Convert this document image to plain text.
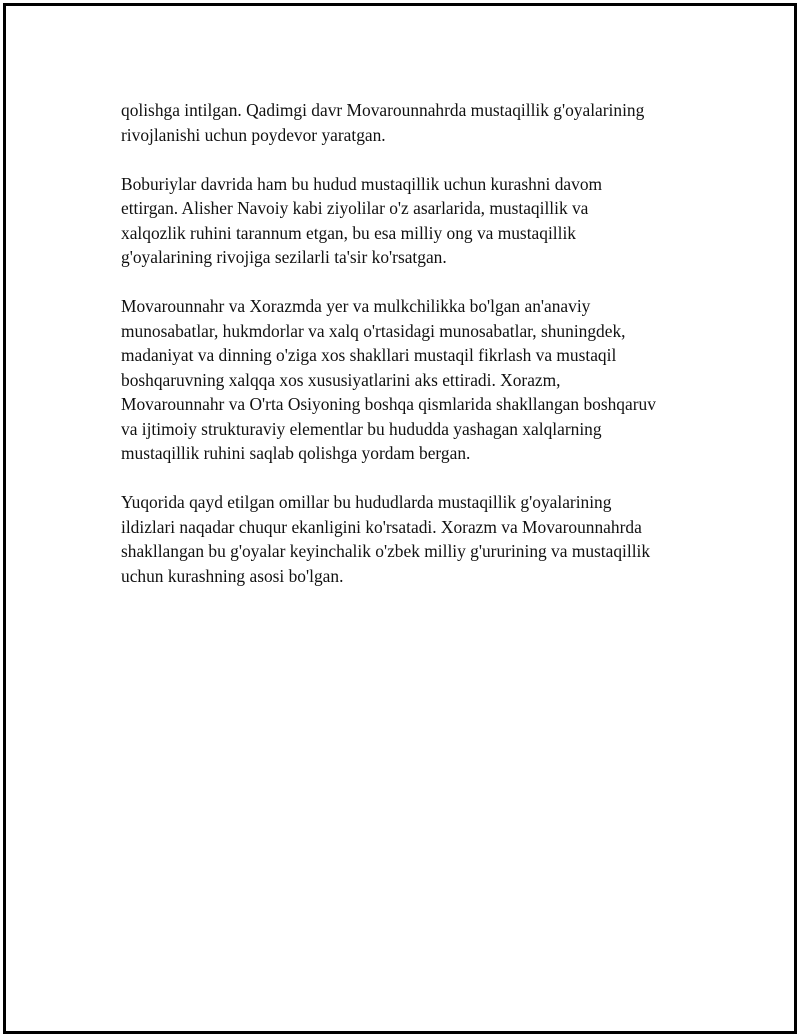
qolishga intilgan. Qadimgi davr Movarounnahrda mustaqillik g'oyalarining
rivojlanishi uchun poydevor yaratgan.

Boburiylar davrida ham bu hudud mustaqillik uchun kurashni davom
ettirgan. Alisher Navoiy kabi ziyolilar o'z asarlarida, mustaqillik va
xalqozlik ruhini tarannum etgan, bu esa milliy ong va mustaqillik
g'oyalarining rivojiga sezilarli ta'sir ko'rsatgan.

Movarounnahr va Xorazmda yer va mulkchilikka bo'lgan an'anaviy
munosabatlar, hukmdorlar va xalq o'rtasidagi munosabatlar, shuningdek,
madaniyat va dinning o'ziga xos shakllari mustaqil fikrlash va mustaqil
boshqaruvning xalqqa xos xususiyatlarini aks ettiradi. Xorazm,
Movarounnahr va O'rta Osiyoning boshqa qismlarida shakllangan boshqaruv
va ijtimoiy strukturaviy elementlar bu hududda yashagan xalqlarning
mustaqillik ruhini saqlab qolishga yordam bergan.

Yuqorida qayd etilgan omillar bu hududlarda mustaqillik g'oyalarining
ildizlari naqadar chuqur ekanligini ko'rsatadi. Xorazm va Movarounnahrda
shakllangan bu g'oyalar keyinchalik o'zbek milliy g'ururining va mustaqillik
uchun kurashning asosi bo'lgan.
